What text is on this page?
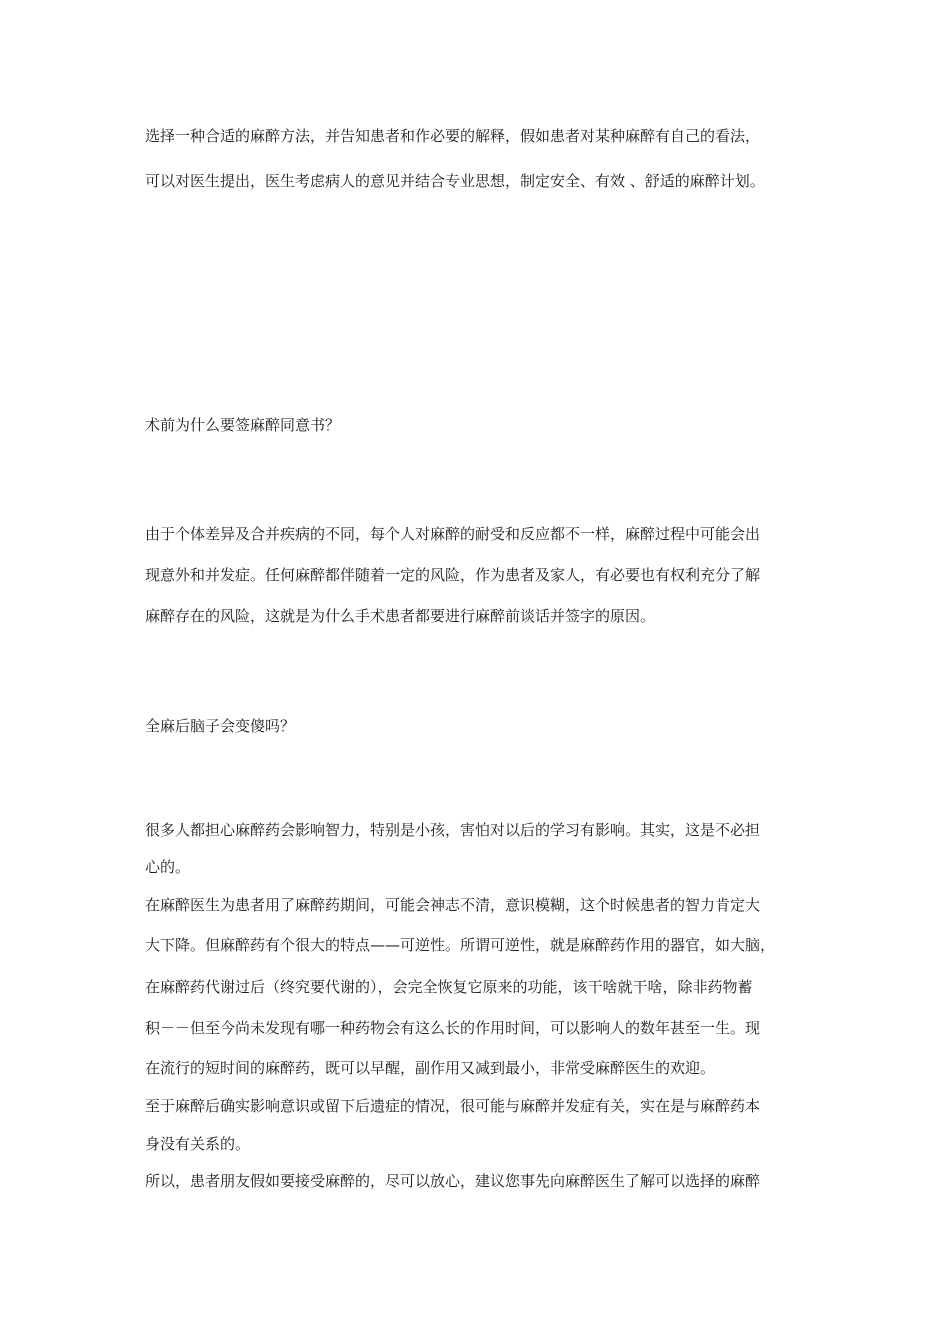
选择一种合适的麻醉方法，并告知患者和作必要的解释，假如患者对某种麻醉有自己的看法，

可以对医生提出，医生考虑病人的意见并结合专业思想，制定安全、有效 、舒适的麻醉计划。

术前为什么要签麻醉同意书？

由于个体差异及合并疾病的不同，每个人对麻醉的耐受和反应都不一样，麻醉过程中可能会出

现意外和并发症。任何麻醉都伴随着一定的风险，作为患者及家人，有必要也有权利充分了解

麻醉存在的风险，这就是为什么手术患者都要进行麻醉前谈话并签字的原因。

全麻后脑子会变傻吗？

很多人都担心麻醉药会影响智力，特别是小孩，害怕对以后的学习有影响。其实，这是不必担

心的。

在麻醉医生为患者用了麻醉药期间，可能会神志不清，意识模糊，这个时候患者的智力肯定大

大下降。但麻醉药有个很大的特点——可逆性。所谓可逆性，就是麻醉药作用的器官，如大脑，

在麻醉药代谢过后（终究要代谢的），会完全恢复它原来的功能，该干啥就干啥，除非药物蓄

积－－但至今尚未发现有哪一种药物会有这么长的作用时间，可以影响人的数年甚至一生。现

在流行的短时间的麻醉药，既可以早醒，副作用又减到最小，非常受麻醉医生的欢迎。

至于麻醉后确实影响意识或留下后遗症的情况，很可能与麻醉并发症有关，实在是与麻醉药本

身没有关系的。

所以，患者朋友假如要接受麻醉的，尽可以放心，建议您事先向麻醉医生了解可以选择的麻醉
